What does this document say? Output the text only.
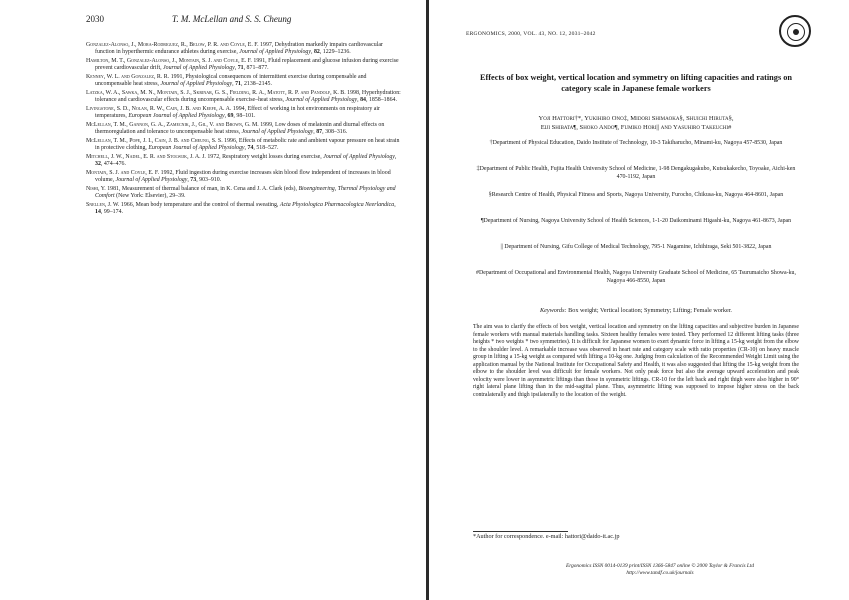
2030	T. M. McLellan and S. S. Cheung
Gonzalez-Alonso, J., Mora-Rodriguez, R., Below, P. R. and Coyle, E. F. 1997, Dehydration markedly impairs cardiovascular function in hyperthermic endurance athletes during exercise, Journal of Applied Physiology, 82, 1229–1236.
Hamilton, M. T., Gonzalez-Alonso, J., Montain, S. J. and Coyle, E. F. 1991, Fluid replacement and glucose infusion during exercise prevent cardiovascular drift, Journal of Applied Physiology, 71, 871–877.
Kenney, W. L. and Gonzalez, R. R. 1991, Physiological consequences of intermittent exercise during compensable and uncompensable heat stress, Journal of Applied Physiology, 71, 2138–2145.
Latzka, W. A., Sawka, M. N., Montain, S. J., Skrinar, G. S., Fielding, R. A., Matott, R. P. and Pandolf, K. B. 1998, Hyperhydration: tolerance and cardiovascular effects during uncompensable exercise–heat stress, Journal of Applied Physiology, 84, 1858–1864.
Livingstone, S. D., Nolan, R. W., Cain, J. B. and Keefe, A. A. 1994, Effect of working in hot environments on respiratory air temperatures, European Journal of Applied Physiology, 69, 98–101.
McLellan, T. M., Gannon, G. A., Zamecnik, J., Gil, V. and Brown, G. M. 1999, Low doses of melatonin and diurnal effects on thermoregulation and tolerance to uncompensable heat stress, Journal of Applied Physiology, 87, 308–316.
McLellan, T. M., Pope, J. I., Cain, J. B. and Cheung, S. S. 1996, Effects of metabolic rate and ambient vapour pressure on heat strain in protective clothing, European Journal of Applied Physiology, 74, 518–527.
Mitchell, J. W., Nadel, E. R. and Stolwijk, J. A. J. 1972, Respiratory weight losses during exercise, Journal of Applied Physiology, 32, 474–476.
Montain, S. J. and Coyle, E. F. 1992, Fluid ingestion during exercise increases skin blood flow independent of increases in blood volume, Journal of Applied Physiology, 73, 903–910.
Nishi, Y. 1981, Measurement of thermal balance of man, in K. Cena and J. A. Clark (eds), Bioengineering, Thermal Physiology and Comfort (New York: Elsevier), 29–39.
Snellen, J. W. 1966, Mean body temperature and the control of thermal sweating, Acta Physiologica Pharmacologica Neerlandica, 14, 99–174.
ERGONOMICS, 2000, VOL. 43, NO. 12, 2031–2042
Effects of box weight, vertical location and symmetry on lifting capacities and ratings on category scale in Japanese female workers
Yoji Hattori†*, Yukihiro Ono‡, Midori Shimaoka§, Shuichi Hiruta§,
Eiji Shibata¶, Shoko Ando¶, Fumiko Hori|| and Yasuhiro Takeuchi#
†Department of Physical Education, Daido Institute of Technology, 10-3 Takiharucho, Minami-ku, Nagoya 457-8530, Japan
‡Department of Public Health, Fujita Health University School of Medicine, 1-98 Dengakugakubo, Kutsukakecho, Toyoake, Aichi-ken 470-1192, Japan
§Research Centre of Health, Physical Fitness and Sports, Nagoya University, Furocho, Chikusa-ku, Nagoya 464-8601, Japan
¶Department of Nursing, Nagoya University School of Health Sciences, 1-1-20 Daikominami Higashi-ku, Nagoya 461-8673, Japan
|| Department of Nursing, Gifu College of Medical Technology, 795-1 Nagamine, Ichihiraga, Seki 501-3822, Japan
#Department of Occupational and Environmental Health, Nagoya University Graduate School of Medicine, 65 Tsurumaicho Showa-ku, Nagoya 466-8550, Japan
Keywords: Box weight; Vertical location; Symmetry; Lifting; Female worker.
The aim was to clarify the effects of box weight, vertical location and symmetry on the lifting capacities and subjective burden in Japanese female workers with manual materials handling tasks. Sixteen healthy females were tested. They performed 12 different lifting tasks (three heights * two weights * two symmetries). It is difficult for Japanese women to exert dynamic force in lifting a 15-kg weight from the elbow to the shoulder level. A remarkable increase was observed in heart rate and category scale with ratio properties (CR-10) on heavy muscle group in lifting a 15-kg weight as compared with lifting a 10-kg one. Judging from calculation of the Recommended Weight Limit using the application manual by the National Institute for Occupational Safety and Health, it was also suggested that lifting the 15-kg weight from the elbow to the shoulder level was difficult for female workers. Not only peak force but also the average upward acceleration and peak velocity were lower in asymmetric liftings than those in symmetric liftings. CR-10 for the left back and right thigh were also higher in 90° right lateral plane lifting than in the mid-sagittal plane. Thus, asymmetric lifting was supposed to impose higher stress on the back contralaterally and thigh ipsilaterally to the location of the weight.
*Author for correspondence. e-mail: hattori@daido-it.ac.jp
Ergonomics ISSN 0014-0139 print/ISSN 1366-5847 online © 2000 Taylor & Francis Ltd
http://www.tandf.co.uk/journals
